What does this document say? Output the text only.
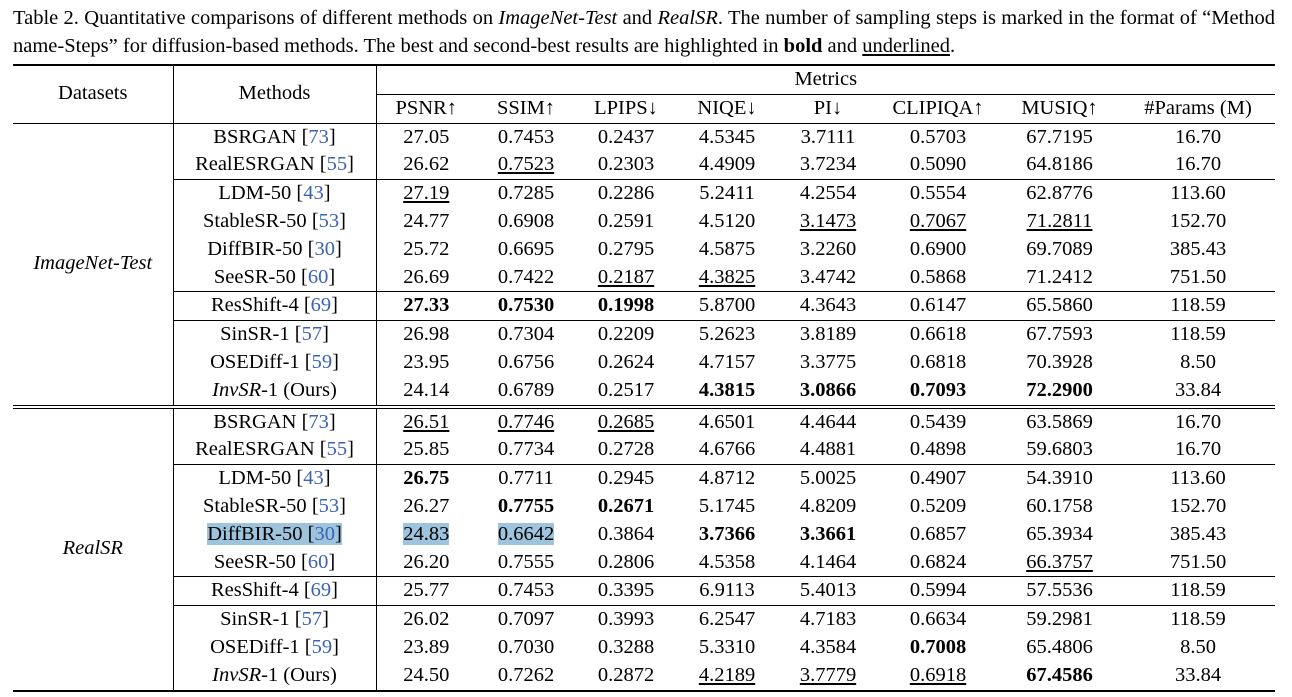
Table 2. Quantitative comparisons of different methods on ImageNet-Test and RealSR. The number of sampling steps is marked in the format of “Method name-Steps” for diffusion-based methods. The best and second-best results are highlighted in bold and underlined.
Datasets	Methods	Metrics							
		PSNR↑	SSIM↑	LPIPS↓	NIQE↓	PI↓	CLIPIQA↑	MUSIQ↑	#Params (M)
ImageNet-Test	BSRGAN [73]	27.05	0.7453	0.2437	4.5345	3.7111	0.5703	67.7195	16.70
	RealESRGAN [55]	26.62	0.7523	0.2303	4.4909	3.7234	0.5090	64.8186	16.70
	LDM-50 [43]	27.19	0.7285	0.2286	5.2411	4.2554	0.5554	62.8776	113.60
	StableSR-50 [53]	24.77	0.6908	0.2591	4.5120	3.1473	0.7067	71.2811	152.70
	DiffBIR-50 [30]	25.72	0.6695	0.2795	4.5875	3.2260	0.6900	69.7089	385.43
	SeeSR-50 [60]	26.69	0.7422	0.2187	4.3825	3.4742	0.5868	71.2412	751.50
	ResShift-4 [69]	27.33	0.7530	0.1998	5.8700	4.3643	0.6147	65.5860	118.59
	SinSR-1 [57]	26.98	0.7304	0.2209	5.2623	3.8189	0.6618	67.7593	118.59
	OSEDiff-1 [59]	23.95	0.6756	0.2624	4.7157	3.3775	0.6818	70.3928	8.50
	InvSR-1 (Ours)	24.14	0.6789	0.2517	4.3815	3.0866	0.7093	72.2900	33.84
RealSR	BSRGAN [73]	26.51	0.7746	0.2685	4.6501	4.4644	0.5439	63.5869	16.70
	RealESRGAN [55]	25.85	0.7734	0.2728	4.6766	4.4881	0.4898	59.6803	16.70
	LDM-50 [43]	26.75	0.7711	0.2945	4.8712	5.0025	0.4907	54.3910	113.60
	StableSR-50 [53]	26.27	0.7755	0.2671	5.1745	4.8209	0.5209	60.1758	152.70
	DiffBIR-50 [30]	24.83	0.6642	0.3864	3.7366	3.3661	0.6857	65.3934	385.43
	SeeSR-50 [60]	26.20	0.7555	0.2806	4.5358	4.1464	0.6824	66.3757	751.50
	ResShift-4 [69]	25.77	0.7453	0.3395	6.9113	5.4013	0.5994	57.5536	118.59
	SinSR-1 [57]	26.02	0.7097	0.3993	6.2547	4.7183	0.6634	59.2981	118.59
	OSEDiff-1 [59]	23.89	0.7030	0.3288	5.3310	4.3584	0.7008	65.4806	8.50
	InvSR-1 (Ours)	24.50	0.7262	0.2872	4.2189	3.7779	0.6918	67.4586	33.84
